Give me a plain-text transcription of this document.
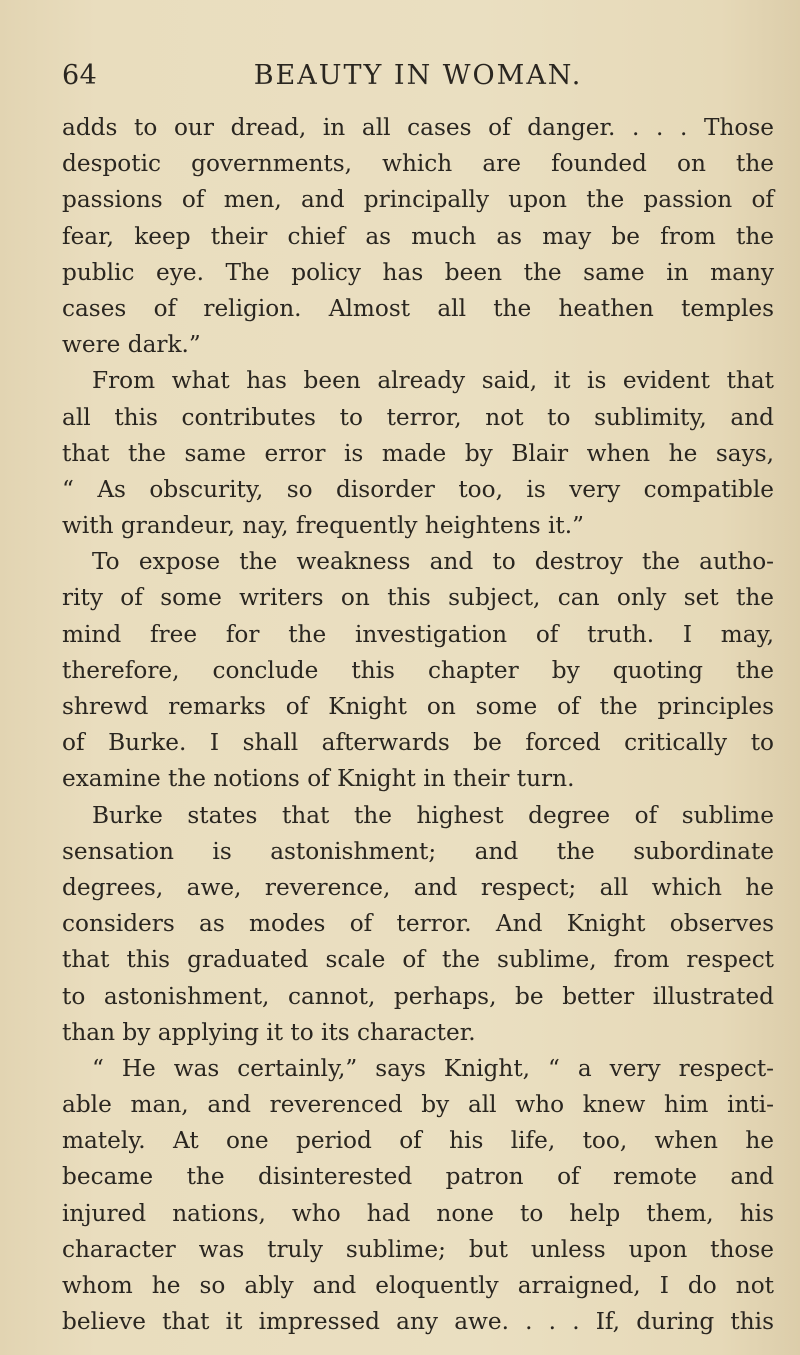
64	BEAUTY IN WOMAN.
adds to our dread, in all cases of danger. . . . Those
despotic governments, which are founded on the
passions of men, and principally upon the passion of
fear, keep their chief as much as may be from the
public eye. The policy has been the same in many
cases of religion. Almost all the heathen temples
were dark.”
From what has been already said, it is evident that
all this contributes to terror, not to sublimity, and
that the same error is made by Blair when he says,
“ As obscurity, so disorder too, is very compatible
with grandeur, nay, frequently heightens it.”
To expose the weakness and to destroy the autho-
rity of some writers on this subject, can only set the
mind free for the investigation of truth. I may,
therefore, conclude this chapter by quoting the
shrewd remarks of Knight on some of the principles
of Burke. I shall afterwards be forced critically to
examine the notions of Knight in their turn.
Burke states that the highest degree of sublime
sensation is astonishment; and the subordinate
degrees, awe, reverence, and respect; all which he
considers as modes of terror. And Knight observes
that this graduated scale of the sublime, from respect
to astonishment, cannot, perhaps, be better illustrated
than by applying it to its character.
“ He was certainly,” says Knight, “ a very respect-
able man, and reverenced by all who knew him inti-
mately. At one period of his life, too, when he
became the disinterested patron of remote and
injured nations, who had none to help them, his
character was truly sublime; but unless upon those
whom he so ably and eloquently arraigned, I do not
believe that it impressed any awe. . . . If, during this
